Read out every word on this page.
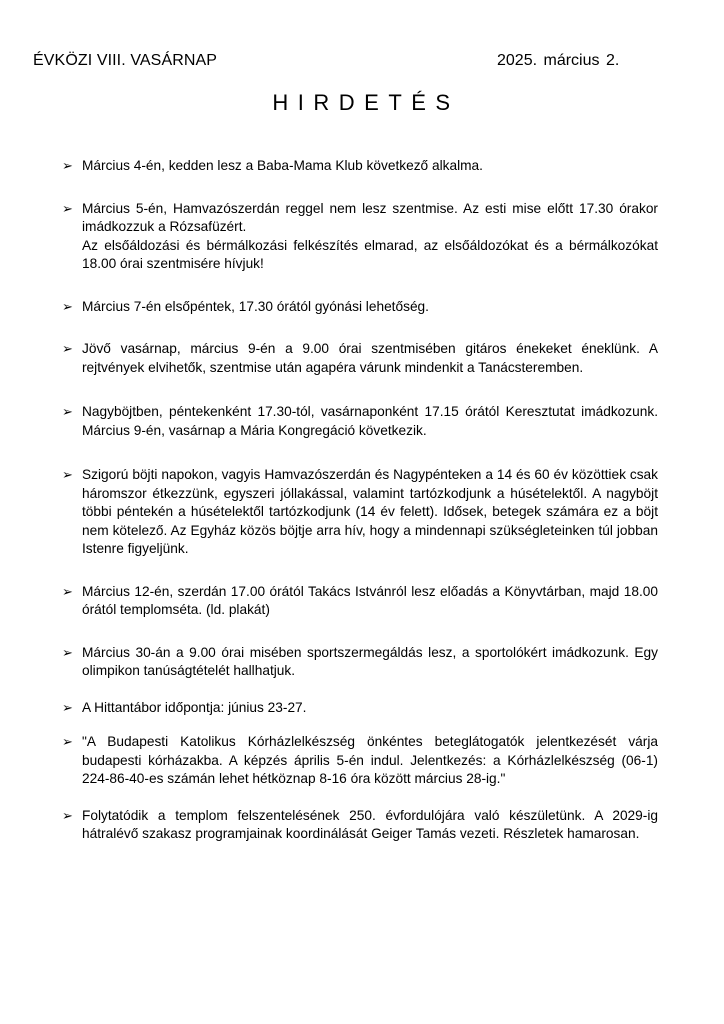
ÉVKÖZI VIII. VASÁRNAP	2025. március 2.
HIRDETÉS
➢ Március 4-én, kedden lesz a Baba-Mama Klub következő alkalma.

➢ Március 5-én, Hamvazószerdán reggel nem lesz szentmise. Az esti mise előtt 17.30 órakor imádkozzuk a Rózsafüzért.

Az elsőáldozási és bérmálkozási felkészítés elmarad, az elsőáldozókat és a bérmálkozókat 18.00 órai szentmisére hívjuk!

➢ Március 7-én elsőpéntek, 17.30 órától gyónási lehetőség.

➢ Jövő vasárnap, március 9-én a 9.00 órai szentmisében gitáros énekeket éneklünk. A rejtvények elvihetők, szentmise után agapéra várunk mindenkit a Tanácsteremben.

➢ Nagyböjtben, péntekenként 17.30-tól, vasárnaponként 17.15 órától Keresztutat imádkozunk. Március 9-én, vasárnap a Mária Kongregáció következik.

➢ Szigorú böjti napokon, vagyis Hamvazószerdán és Nagypénteken a 14 és 60 év közöttiek csak háromszor étkezzünk, egyszeri jóllakással, valamint tartózkodjunk a húsételektől. A nagyböjt többi péntekén a húsételektől tartózkodjunk (14 év felett). Idősek, betegek számára ez a böjt nem kötelező. Az Egyház közös böjtje arra hív, hogy a mindennapi szükségleteinken túl jobban Istenre figyeljünk.

➢ Március 12-én, szerdán 17.00 órától Takács Istvánról lesz előadás a Könyvtárban, majd 18.00 órától templomséta. (ld. plakát)

➢ Március 30-án a 9.00 órai misében sportszermegáldás lesz, a sportolókért imádkozunk. Egy olimpikon tanúságtételét hallhatjuk.

➢ A Hittantábor időpontja: június 23-27.

➢ "A Budapesti Katolikus Kórházlelkészség önkéntes beteglátogatók jelentkezését várja budapesti kórházakba. A képzés április 5-én indul. Jelentkezés: a Kórházlelkészség (06-1) 224-86-40-es számán lehet hétköznap 8-16 óra között március 28-ig."

➢ Folytatódik a templom felszentelésének 250. évfordulójára való készületünk. A 2029-ig hátralévő szakasz programjainak koordinálását Geiger Tamás vezeti. Részletek hamarosan.
